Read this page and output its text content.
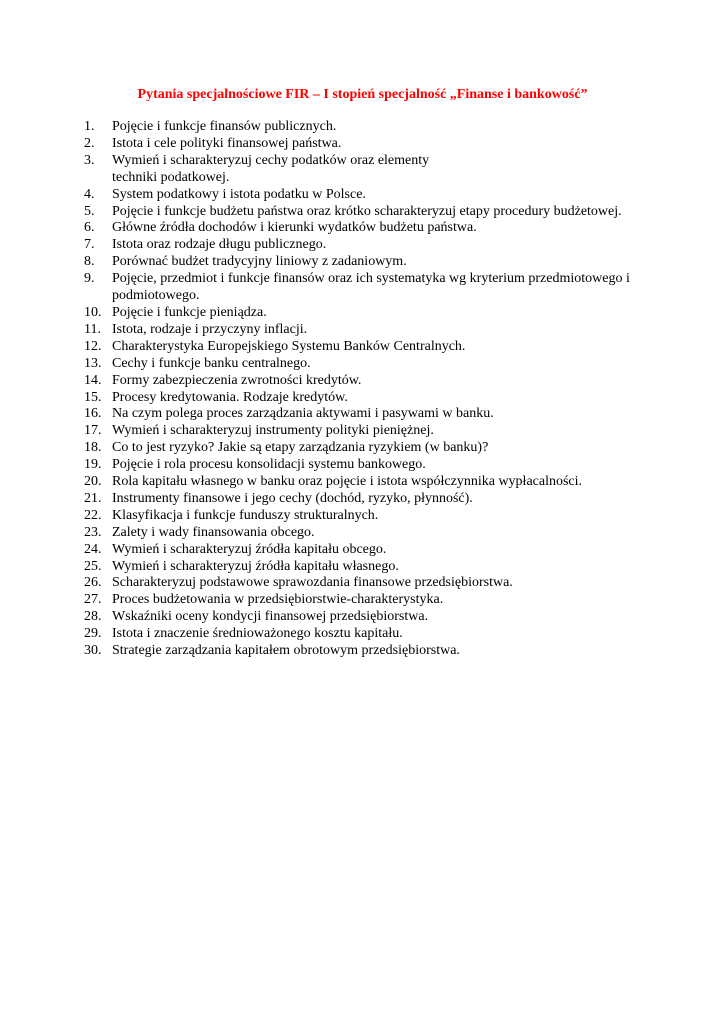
Pytania specjalnościowe FIR – I stopień specjalność „Finanse i bankowość”
1.	Pojęcie i funkcje finansów publicznych.
2.	Istota i cele polityki finansowej państwa.
3.	Wymień i scharakteryzuj cechy podatków oraz elementy techniki podatkowej.
4.	System podatkowy i istota podatku w Polsce.
5.	Pojęcie i funkcje budżetu państwa oraz krótko scharakteryzuj etapy procedury budżetowej.
6.	Główne źródła dochodów i kierunki wydatków budżetu państwa.
7.	Istota oraz rodzaje długu publicznego.
8.	Porównać budżet tradycyjny liniowy z zadaniowym.
9.	Pojęcie, przedmiot i funkcje finansów oraz ich systematyka wg kryterium przedmiotowego i podmiotowego.
10. Pojęcie i funkcje pieniądza.
11. Istota, rodzaje i przyczyny inflacji.
12. Charakterystyka Europejskiego Systemu Banków Centralnych.
13. Cechy i funkcje banku centralnego.
14. Formy zabezpieczenia zwrotności kredytów.
15. Procesy kredytowania. Rodzaje kredytów.
16. Na czym polega proces zarządzania aktywami i pasywami w banku.
17. Wymień i scharakteryzuj instrumenty polityki pieniężnej.
18. Co to jest ryzyko? Jakie są etapy zarządzania ryzykiem (w banku)?
19. Pojęcie i rola procesu konsolidacji systemu bankowego.
20. Rola kapitału własnego w banku oraz pojęcie i istota współczynnika wypłacalności.
21. Instrumenty finansowe i jego cechy (dochód, ryzyko, płynność).
22. Klasyfikacja i funkcje funduszy strukturalnych.
23. Zalety i wady finansowania obcego.
24. Wymień i scharakteryzuj źródła kapitału obcego.
25. Wymień i scharakteryzuj źródła kapitału własnego.
26. Scharakteryzuj podstawowe sprawozdania finansowe przedsiębiorstwa.
27. Proces budżetowania w przedsiębiorstwie-charakterystyka.
28. Wskaźniki oceny kondycji finansowej przedsiębiorstwa.
29. Istota i znaczenie średnioważonego kosztu kapitału.
30. Strategie zarządzania kapitałem obrotowym przedsiębiorstwa.
